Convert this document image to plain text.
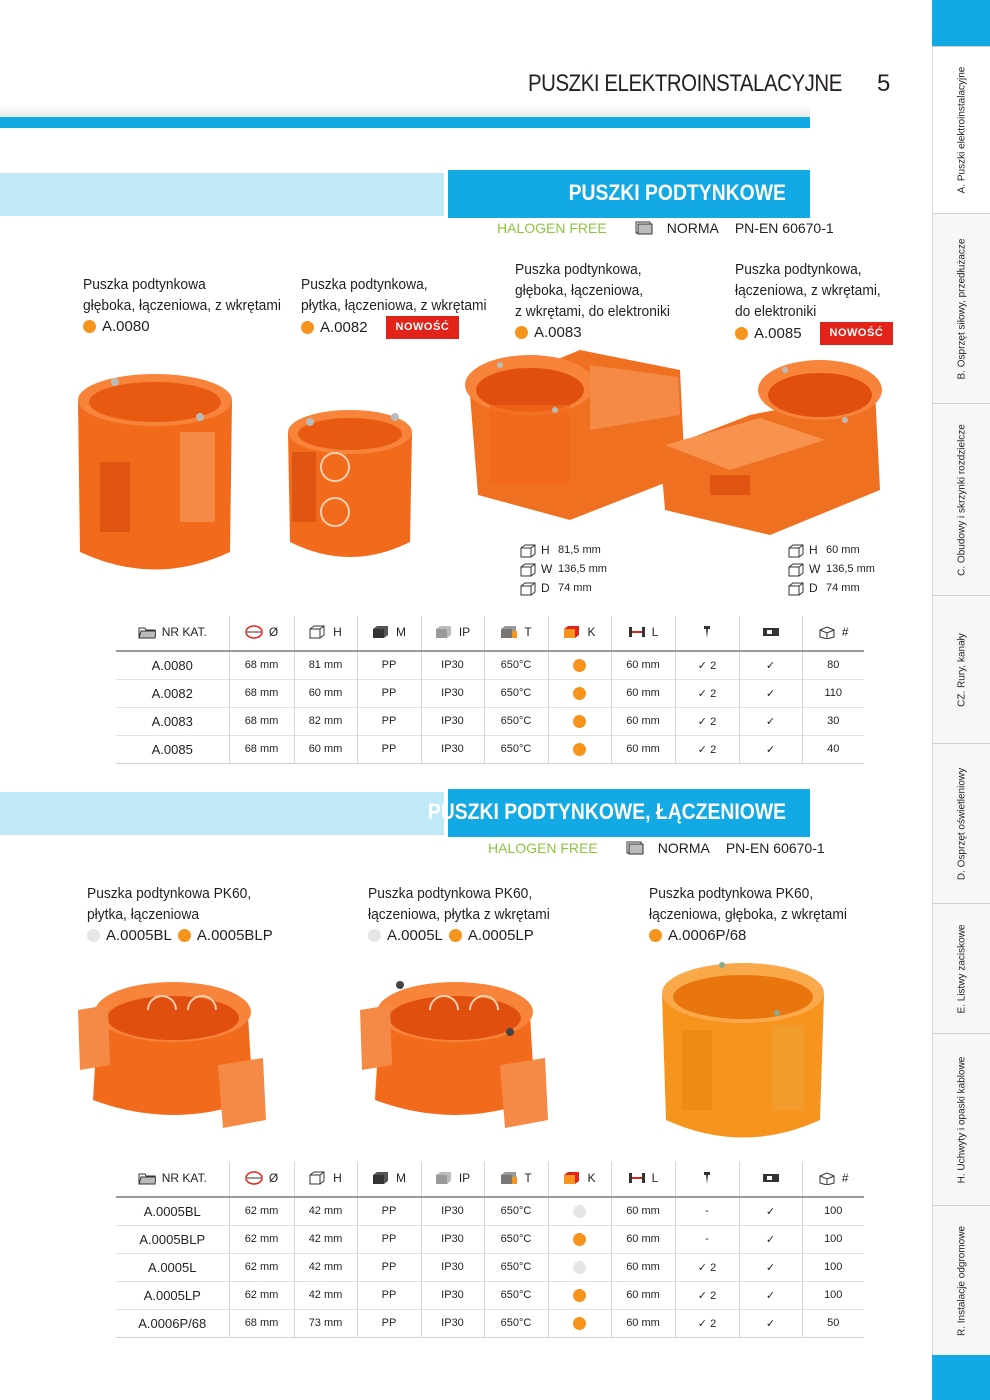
PUSZKI ELEKTROINSTALACYJNE 5	A. Puszki elektroinstalacyjne
B. Osprzęt siłowy, przedłużacze
C. Obudowy i skrzynki rozdzielcze
CZ. Rury, kanały
D. Osprzęt oświetleniowy
E. Listwy zaciskowe
H. Uchwyty i opaski kablowe
R. Instalacje odgromowe
PUSZKI PODTYNKOWE
HALOGEN FREE	NORMA PN-EN 60670-1
Puszka podtynkowa
głęboka, łączeniowa, z wkrętami
A.0080
Puszka podtynkowa,
płytka, łączeniowa, z wkrętami
A.0082	NOWOŚĆ
Puszka podtynkowa,
głęboka, łączeniowa,
z wkrętami, do elektroniki
A.0083
Puszka podtynkowa,
łączeniowa, z wkrętami,
do elektroniki
A.0085	NOWOŚĆ
H 81,5 mm
W 136,5 mm
D 74 mm
H 60 mm
W 136,5 mm
D 74 mm
NR KAT.	Ø	H	M	IP	T	K	L			#

A.0080	68 mm	81 mm	PP	IP30	650°C		60 mm	✓ 2	✓	80
A.0082	68 mm	60 mm	PP	IP30	650°C		60 mm	✓ 2	✓	110
A.0083	68 mm	82 mm	PP	IP30	650°C		60 mm	✓ 2	✓	30
A.0085	68 mm	60 mm	PP	IP30	650°C		60 mm	✓ 2	✓	40
PUSZKI PODTYNKOWE, ŁĄCZENIOWE
HALOGEN FREE	NORMA PN-EN 60670-1
Puszka podtynkowa PK60,
płytka, łączeniowa
A.0005BL A.0005BLP
Puszka podtynkowa PK60,
łączeniowa, płytka z wkrętami
A.0005L A.0005LP
Puszka podtynkowa PK60,
łączeniowa, głęboka, z wkrętami
A.0006P/68
NR KAT.	Ø	H	M	IP	T	K	L			#

A.0005BL	62 mm	42 mm	PP	IP30	650°C		60 mm	-	✓	100
A.0005BLP	62 mm	42 mm	PP	IP30	650°C		60 mm	-	✓	100
A.0005L	62 mm	42 mm	PP	IP30	650°C		60 mm	✓ 2	✓	100
A.0005LP	62 mm	42 mm	PP	IP30	650°C		60 mm	✓ 2	✓	100
A.0006P/68	68 mm	73 mm	PP	IP30	650°C		60 mm	✓ 2	✓	50
